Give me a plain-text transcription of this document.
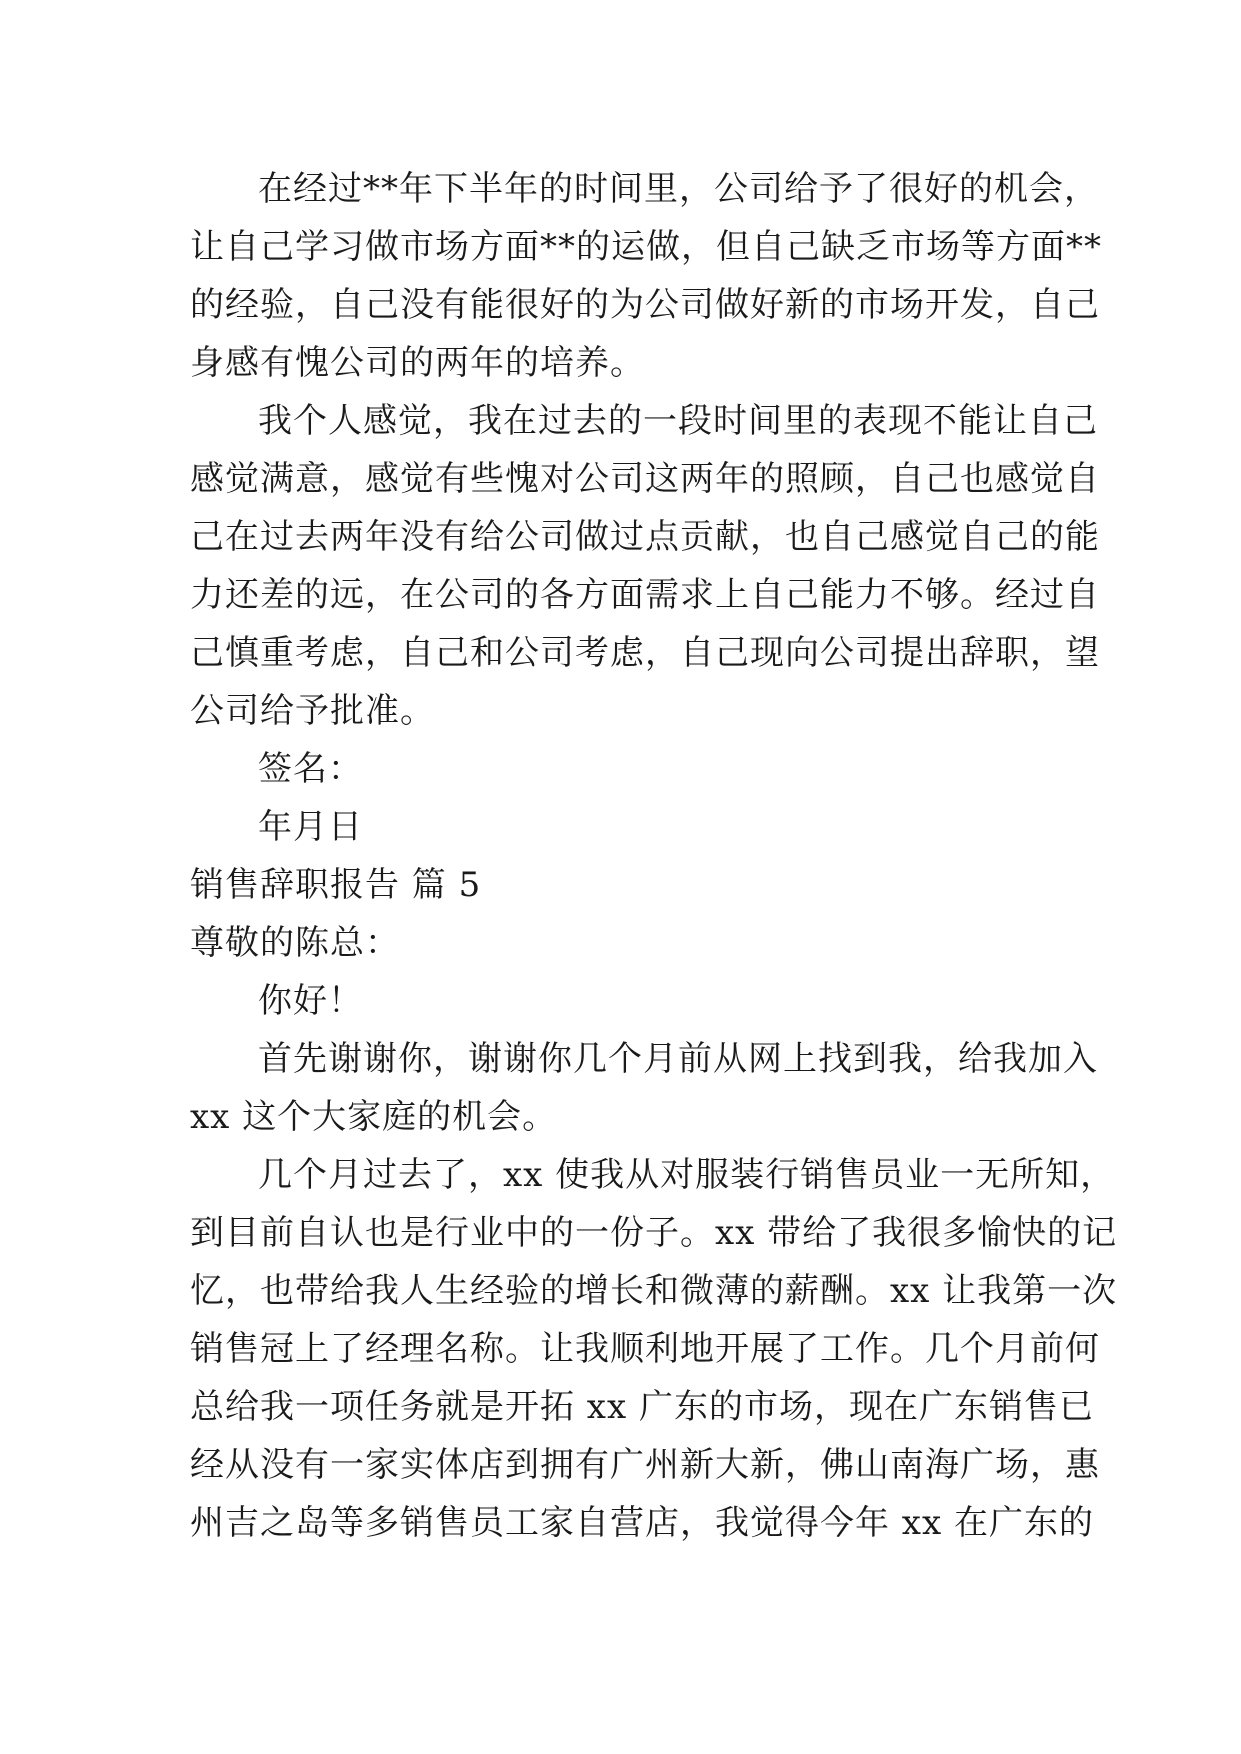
在经过**年下半年的时间里，公司给予了很好的机会，
让自己学习做市场方面**的运做，但自己缺乏市场等方面**
的经验，自己没有能很好的为公司做好新的市场开发，自己
身感有愧公司的两年的培养。
我个人感觉，我在过去的一段时间里的表现不能让自己
感觉满意，感觉有些愧对公司这两年的照顾，自己也感觉自
己在过去两年没有给公司做过点贡献，也自己感觉自己的能
力还差的远，在公司的各方面需求上自己能力不够。经过自
己慎重考虑，自己和公司考虑，自己现向公司提出辞职，望
公司给予批准。
签名：
年月日
销售辞职报告 篇 5
尊敬的陈总：
你好！
首先谢谢你，谢谢你几个月前从网上找到我，给我加入
xx 这个大家庭的机会。
几个月过去了，xx 使我从对服装行销售员业一无所知，
到目前自认也是行业中的一份子。xx 带给了我很多愉快的记
忆，也带给我人生经验的增长和微薄的薪酬。xx 让我第一次
销售冠上了经理名称。让我顺利地开展了工作。几个月前何
总给我一项任务就是开拓 xx 广东的市场，现在广东销售已
经从没有一家实体店到拥有广州新大新，佛山南海广场，惠
州吉之岛等多销售员工家自营店，我觉得今年 xx 在广东的
